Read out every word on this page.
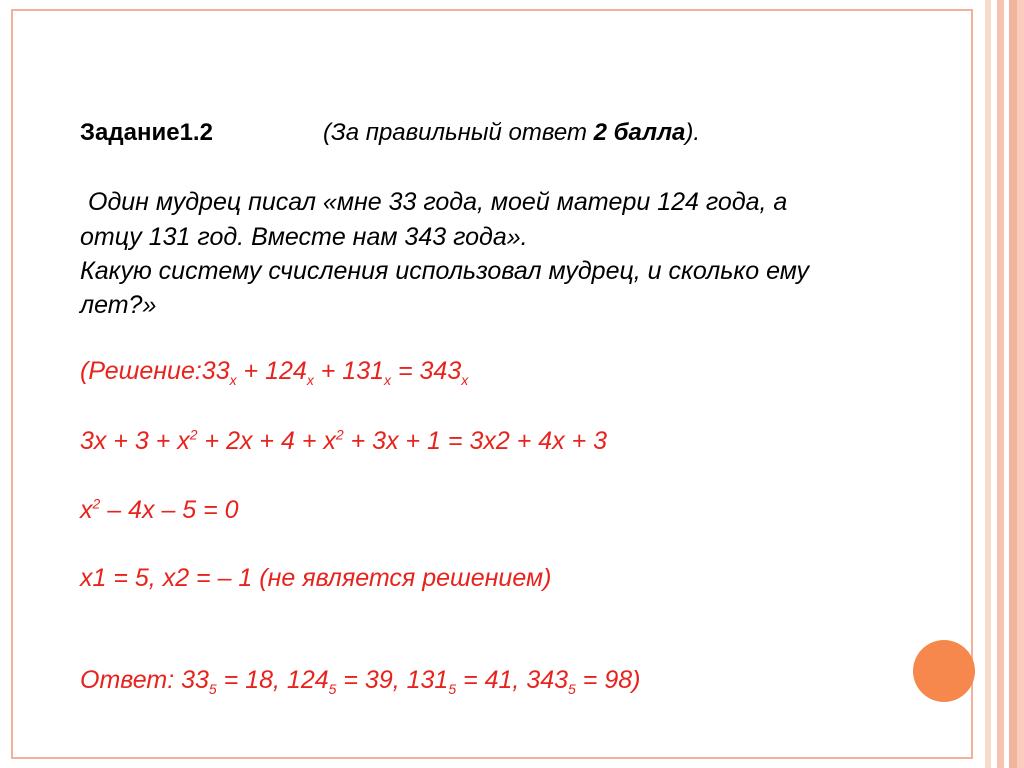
Задание1.2	(За правильный ответ 2 балла).
Один мудрец писал «мне 33 года, моей матери 124 года, а
отцу 131 год. Вместе нам 343 года».
Какую систему счисления использовал мудрец, и сколько ему
лет?»
($Решение:33_x + 124_x + 131_x = 343_x$
$3x + 3 + x^2 + 2x + 4 + x^2 + 3x + 1 = 3x2 + 4x + 3$
$x^2 - 4x - 5 = 0$
x1 = 5, x2 = – 1 (не является решением)
Ответ: $33_5 = 18$, $124_5 = 39$, $131_5 = 41$, $343_5 = 98$)
